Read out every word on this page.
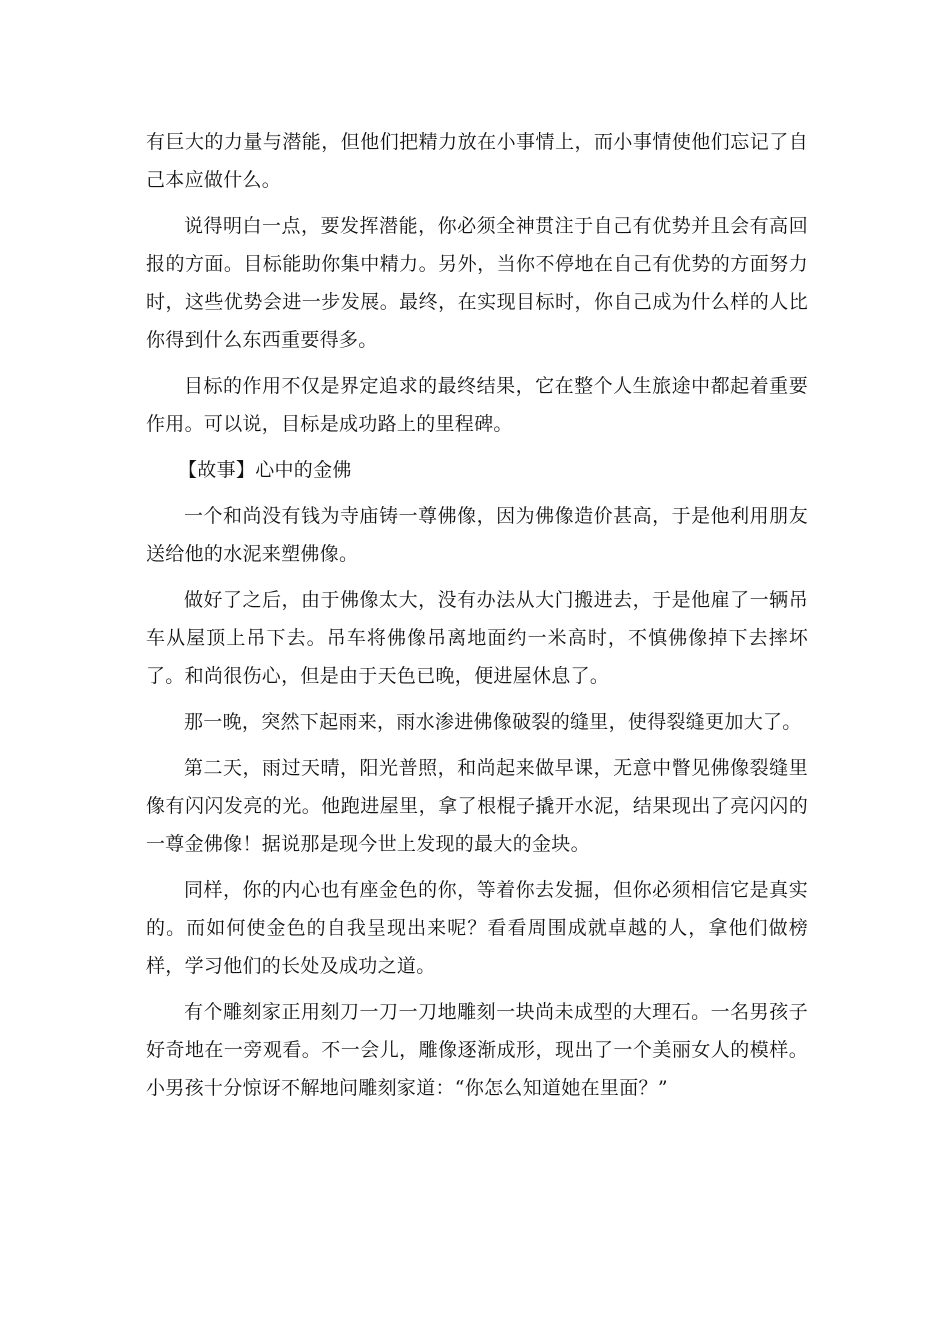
有巨大的力量与潜能，但他们把精力放在小事情上，而小事情使他们忘记了自己本应做什么。

说得明白一点，要发挥潜能，你必须全神贯注于自己有优势并且会有高回报的方面。目标能助你集中精力。另外，当你不停地在自己有优势的方面努力时，这些优势会进一步发展。最终，在实现目标时，你自己成为什么样的人比你得到什么东西重要得多。

目标的作用不仅是界定追求的最终结果，它在整个人生旅途中都起着重要作用。可以说，目标是成功路上的里程碑。

【故事】心中的金佛

一个和尚没有钱为寺庙铸一尊佛像，因为佛像造价甚高，于是他利用朋友送给他的水泥来塑佛像。

做好了之后，由于佛像太大，没有办法从大门搬进去，于是他雇了一辆吊车从屋顶上吊下去。吊车将佛像吊离地面约一米高时，不慎佛像掉下去摔坏了。和尚很伤心，但是由于天色已晚，便进屋休息了。

那一晚，突然下起雨来，雨水渗进佛像破裂的缝里，使得裂缝更加大了。

第二天，雨过天晴，阳光普照，和尚起来做早课，无意中瞥见佛像裂缝里像有闪闪发亮的光。他跑进屋里，拿了根棍子撬开水泥，结果现出了亮闪闪的一尊金佛像！据说那是现今世上发现的最大的金块。

同样，你的内心也有座金色的你，等着你去发掘，但你必须相信它是真实的。而如何使金色的自我呈现出来呢？看看周围成就卓越的人，拿他们做榜样，学习他们的长处及成功之道。

有个雕刻家正用刻刀一刀一刀地雕刻一块尚未成型的大理石。一名男孩子好奇地在一旁观看。不一会儿，雕像逐渐成形，现出了一个美丽女人的模样。小男孩十分惊讶不解地问雕刻家道：“你怎么知道她在里面？”
